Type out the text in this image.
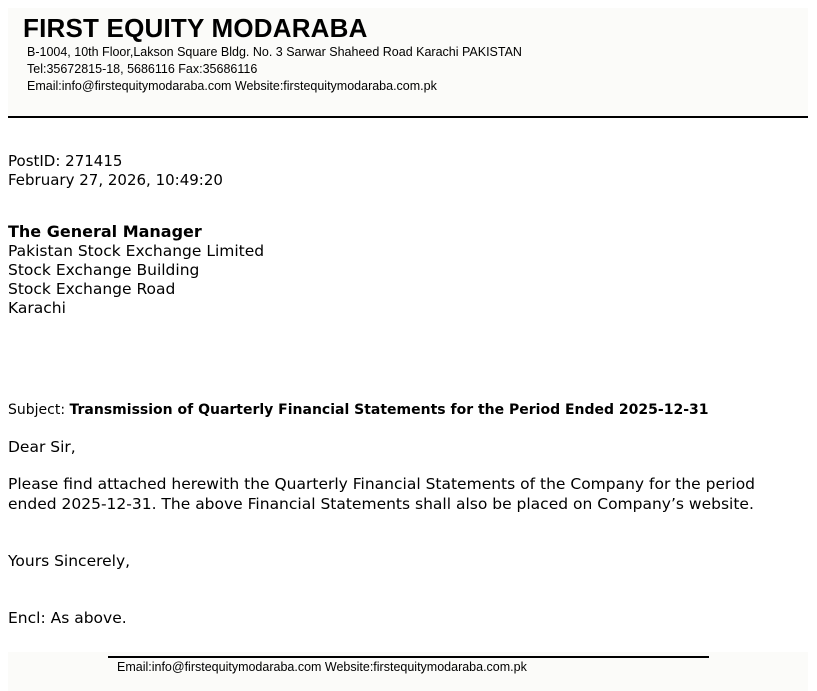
FIRST EQUITY MODARABA
B-1004, 10th Floor,Lakson Square Bldg. No. 3 Sarwar Shaheed Road Karachi PAKISTAN
Tel:35672815-18, 5686116 Fax:35686116
Email:info@firstequitymodaraba.com Website:firstequitymodaraba.com.pk
PostID: 271415
February 27, 2026, 10:49:20
The General Manager
Pakistan Stock Exchange Limited
Stock Exchange Building
Stock Exchange Road
Karachi
Subject: Transmission of Quarterly Financial Statements for the Period Ended 2025-12-31
Dear Sir,
Please find attached herewith the Quarterly Financial Statements of the Company for the period
ended 2025-12-31. The above Financial Statements shall also be placed on Company’s website.
Yours Sincerely,
Encl: As above.
Email:info@firstequitymodaraba.com Website:firstequitymodaraba.com.pk
